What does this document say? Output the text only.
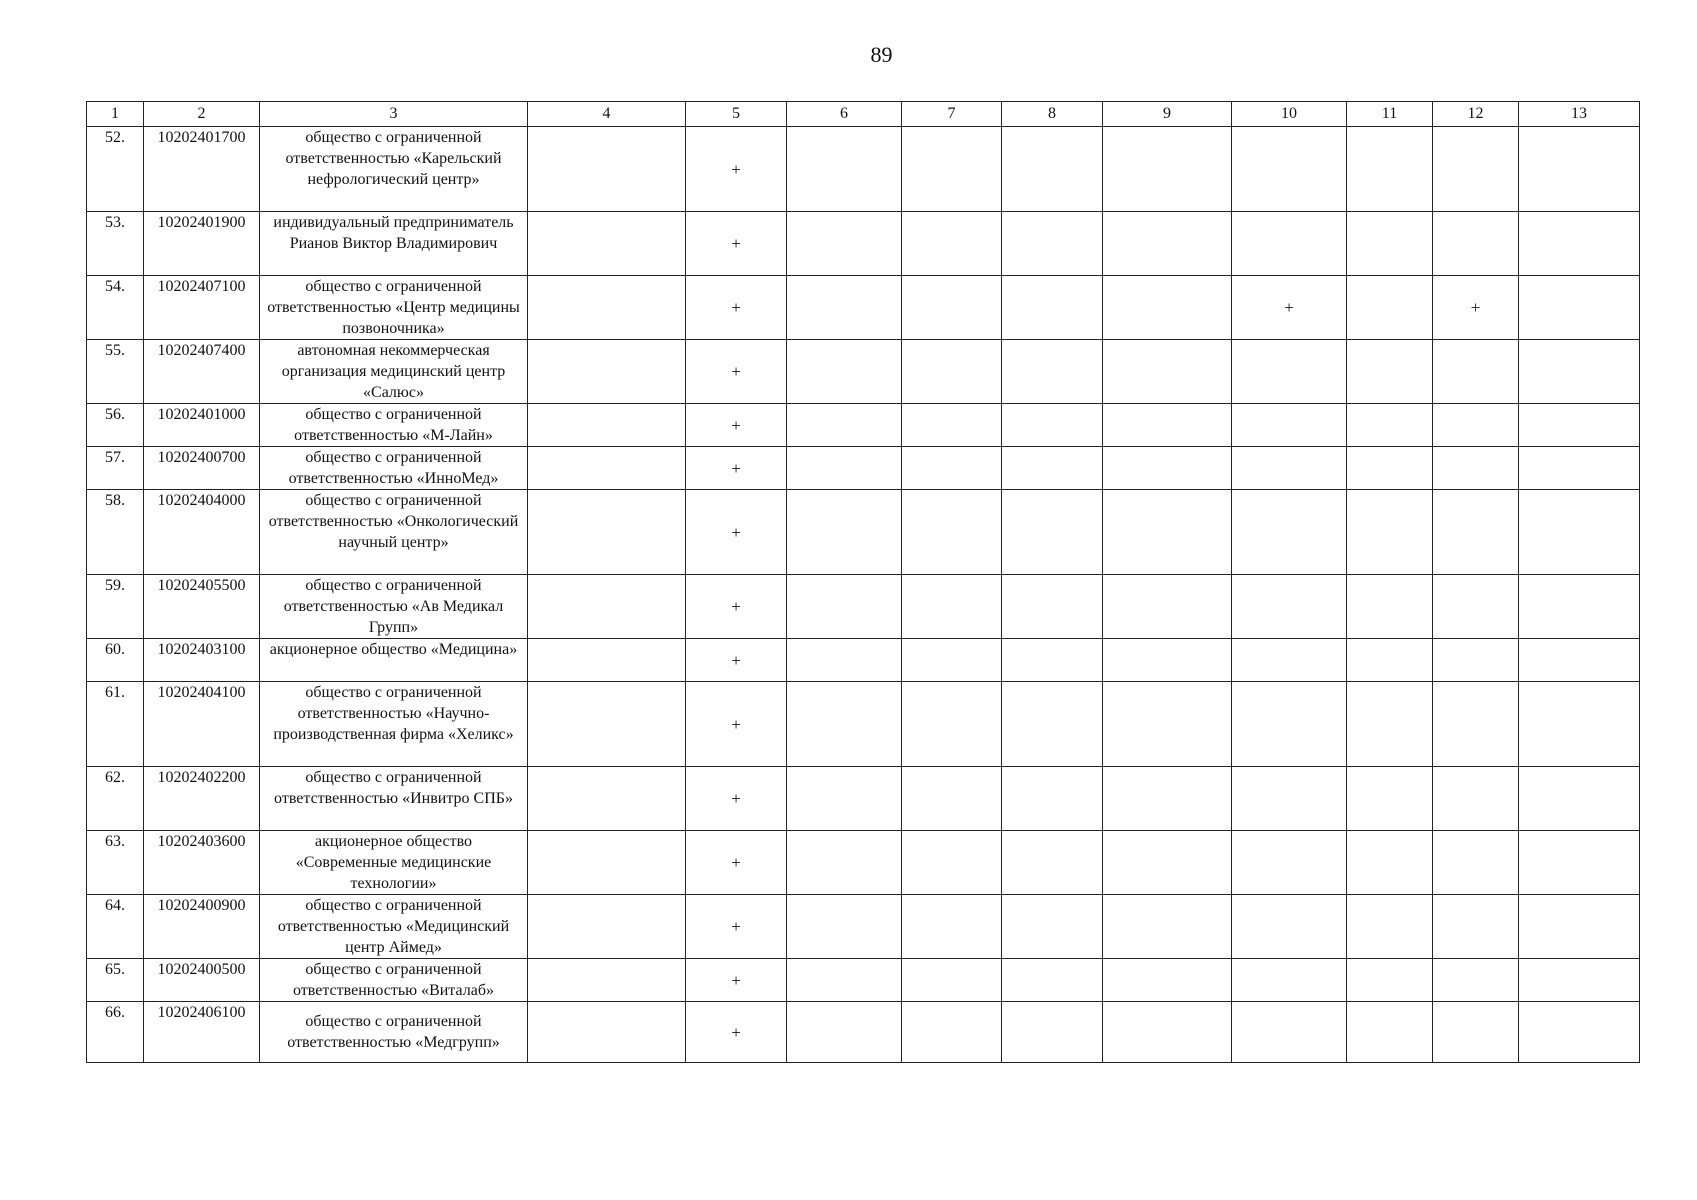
89
1	2	3	4	5	6	7	8	9	10	11	12	13
52.	10202401700	общество с ограниченной ответственностью «Карельский нефрологический центр»		+								
53.	10202401900	индивидуальный предприниматель Рианов Виктор Владимирович		+								
54.	10202407100	общество с ограниченной ответственностью «Центр медицины позвоночника»		+					+		+	
55.	10202407400	автономная некоммерческая организация медицинский центр «Салюс»		+								
56.	10202401000	общество с ограниченной ответственностью «М-Лайн»		+								
57.	10202400700	общество с ограниченной ответственностью «ИнноМед»		+								
58.	10202404000	общество с ограниченной ответственностью «Онкологический научный центр»		+								
59.	10202405500	общество с ограниченной ответственностью «Ав Медикал Групп»		+								
60.	10202403100	акционерное общество «Медицина»		+								
61.	10202404100	общество с ограниченной ответственностью «Научно-производственная фирма «Хеликс»		+								
62.	10202402200	общество с ограниченной ответственностью «Инвитро СПБ»		+								
63.	10202403600	акционерное общество «Современные медицинские технологии»		+								
64.	10202400900	общество с ограниченной ответственностью «Медицинский центр Аймед»		+								
65.	10202400500	общество с ограниченной ответственностью «Виталаб»		+								
66.	10202406100	общество с ограниченной ответственностью «Медгрупп»		+								
